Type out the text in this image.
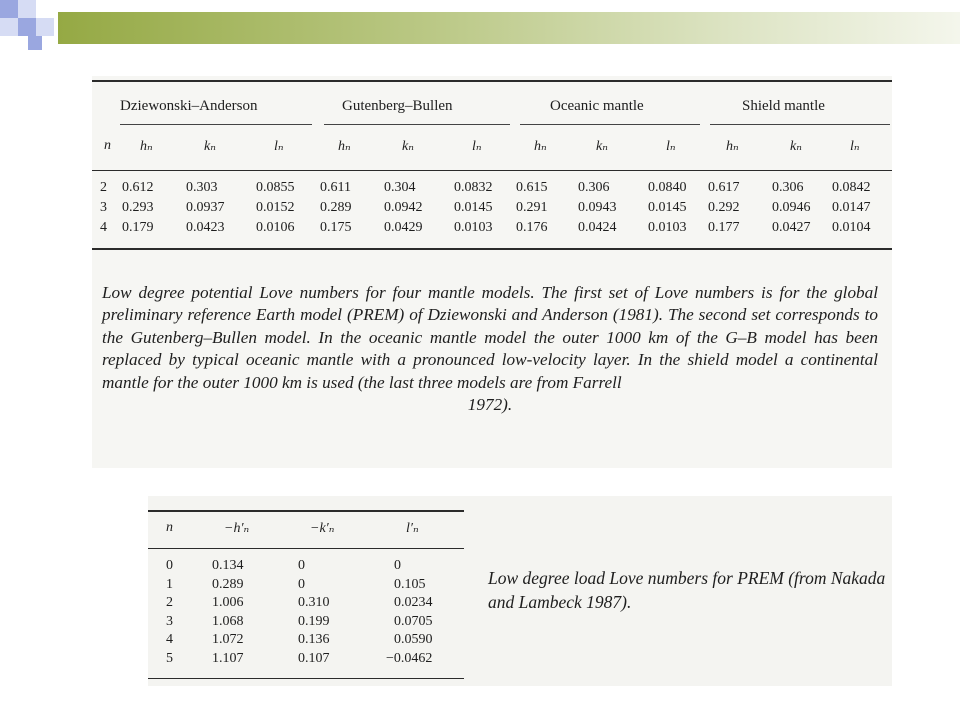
Dziewonski–Anderson	Gutenberg–Bullen	Oceanic mantle	Shield mantle
n hₙ	kₙ	lₙ	hₙ	kₙ	lₙ	hₙ	kₙ	lₙ	hₙ	kₙ	lₙ
2 0.612 0.303	0.0855 0.611 0.304	0.0832 0.615 0.306	0.0840 0.617 0.306 0.0842
3 0.293 0.0937 0.0152 0.289 0.0942 0.0145 0.291 0.0943 0.0145 0.292 0.0946 0.0147
4 0.179 0.0423 0.0106 0.175 0.0429 0.0103 0.176 0.0424 0.0103 0.177 0.0427 0.0104

Low degree potential Love numbers for four mantle models. The first set of Love numbers is for the global preliminary reference Earth model (PREM) of Dziewonski and Anderson (1981). The second set corresponds to the Gutenberg–Bullen model. In the oceanic mantle model the outer 1000 km of the G–B model has been replaced by typical oceanic mantle with a pronounced low-velocity layer. In the shield model a continental mantle for the outer 1000 km is used (the last three models are from Farrell
1972).

n	−h′ₙ	−k′ₙ	l′ₙ
0	0.134	0	0
1	0.289	0	0.105
2	1.006	0.310	0.0234
3	1.068	0.199	0.0705
4	1.072	0.136	0.0590
5	1.107	0.107	−0.0462

Low degree load Love numbers for PREM (from Nakada and Lambeck 1987).
